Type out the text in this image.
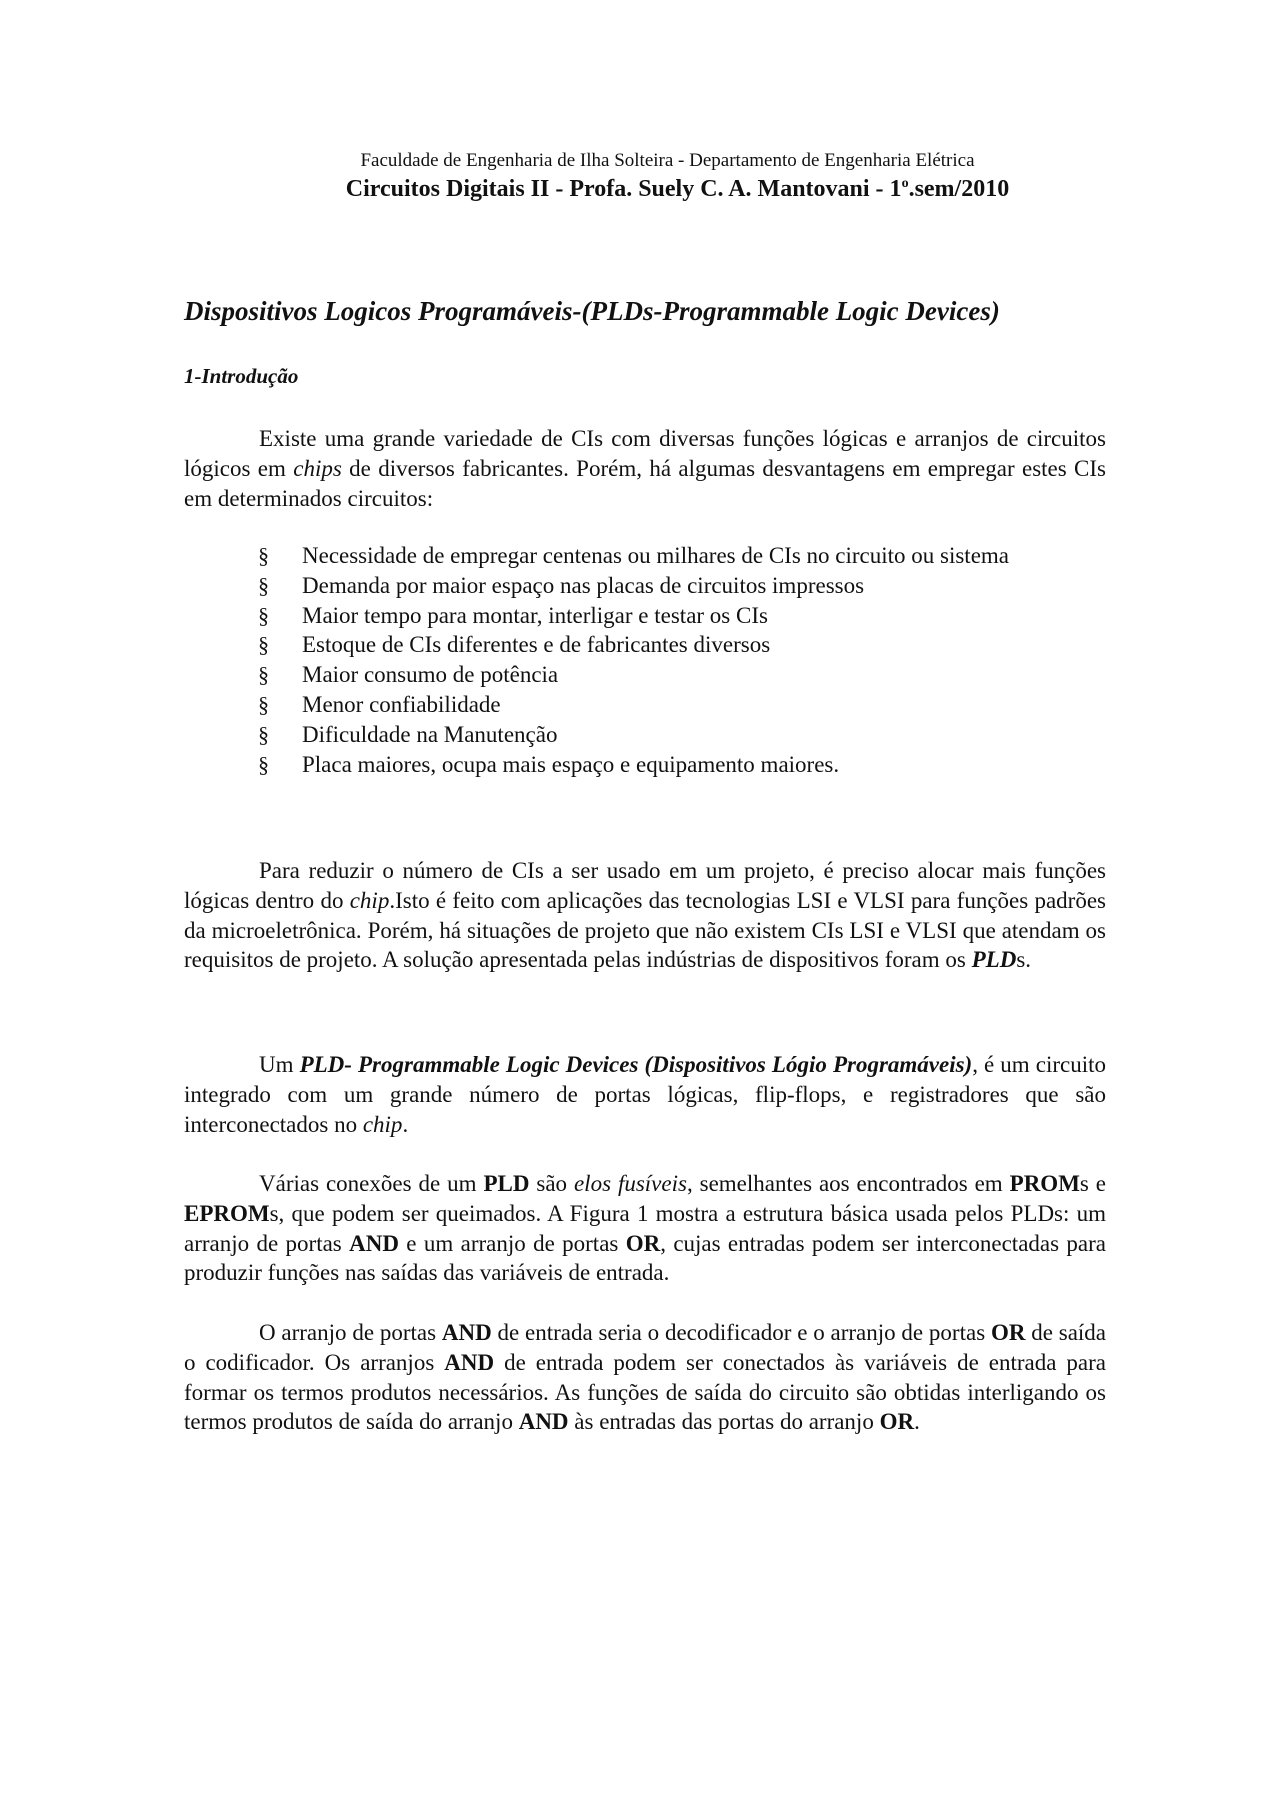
Faculdade de Engenharia de Ilha Solteira - Departamento de Engenharia Elétrica
Circuitos Digitais II - Profa. Suely C. A. Mantovani - 1$^o$.sem/2010
Dispositivos Logicos Programáveis-(PLDs-Programmable Logic Devices)
1-Introdução

Existe uma grande variedade de CIs com diversas funções lógicas e arranjos de circuitos lógicos em chips de diversos fabricantes. Porém, há algumas desvantagens em empregar estes CIs em determinados circuitos:

§	Necessidade de empregar centenas ou milhares de CIs no circuito ou sistema
§	Demanda por maior espaço nas placas de circuitos impressos
§	Maior tempo para montar, interligar e testar os CIs
§	Estoque de CIs diferentes e de fabricantes diversos
§	Maior consumo de potência
§	Menor confiabilidade
§	Dificuldade na Manutenção
§	Placa maiores, ocupa mais espaço e equipamento maiores.

Para reduzir o número de CIs a ser usado em um projeto, é preciso alocar mais funções lógicas dentro do chip.Isto é feito com aplicações das tecnologias LSI e VLSI para funções padrões da microeletrônica. Porém, há situações de projeto que não existem CIs LSI e VLSI que atendam os requisitos de projeto. A solução apresentada pelas indústrias de dispositivos foram os PLDs.

Um PLD- Programmable Logic Devices (Dispositivos Lógio Programáveis), é um circuito integrado com um grande número de portas lógicas, flip-flops, e registradores que são interconectados no chip.

Várias conexões de um PLD são elos fusíveis, semelhantes aos encontrados em PROMs e EPROMs, que podem ser queimados. A Figura 1 mostra a estrutura básica usada pelos PLDs: um arranjo de portas AND e um arranjo de portas OR, cujas entradas podem ser interconectadas para produzir funções nas saídas das variáveis de entrada.

O arranjo de portas AND de entrada seria o decodificador e o arranjo de portas OR de saída o codificador. Os arranjos AND de entrada podem ser conectados às variáveis de entrada para formar os termos produtos necessários. As funções de saída do circuito são obtidas interligando os termos produtos de saída do arranjo AND às entradas das portas do arranjo OR.
